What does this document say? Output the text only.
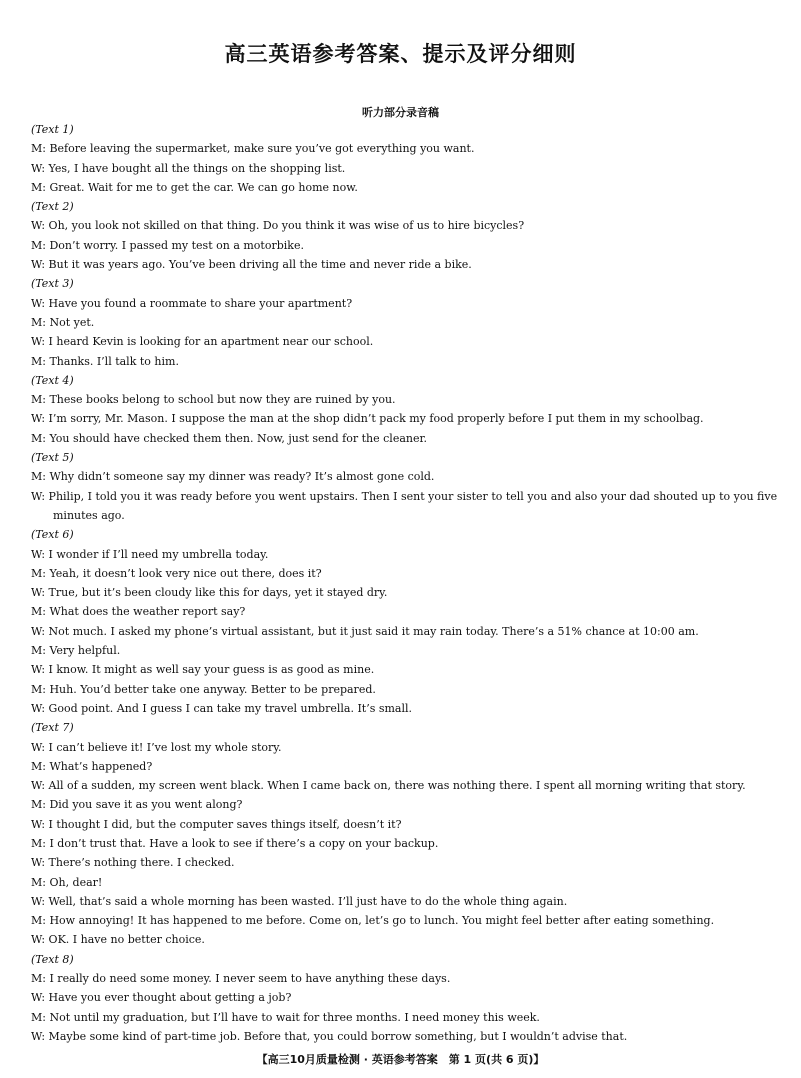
高三英语参考答案、提示及评分细则
听力部分录音稿
(Text 1)
M: Before leaving the supermarket, make sure you’ve got everything you want.
W: Yes, I have bought all the things on the shopping list.
M: Great. Wait for me to get the car. We can go home now.
(Text 2)
W: Oh, you look not skilled on that thing. Do you think it was wise of us to hire bicycles?
M: Don’t worry. I passed my test on a motorbike.
W: But it was years ago. You’ve been driving all the time and never ride a bike.
(Text 3)
W: Have you found a roommate to share your apartment?
M: Not yet.
W: I heard Kevin is looking for an apartment near our school.
M: Thanks. I’ll talk to him.
(Text 4)
M: These books belong to school but now they are ruined by you.
W: I’m sorry, Mr. Mason. I suppose the man at the shop didn’t pack my food properly before I put them in my schoolbag.
M: You should have checked them then. Now, just send for the cleaner.
(Text 5)
M: Why didn’t someone say my dinner was ready? It’s almost gone cold.
W: Philip, I told you it was ready before you went upstairs. Then I sent your sister to tell you and also your dad shouted up to you five minutes ago.
(Text 6)
W: I wonder if I’ll need my umbrella today.
M: Yeah, it doesn’t look very nice out there, does it?
W: True, but it’s been cloudy like this for days, yet it stayed dry.
M: What does the weather report say?
W: Not much. I asked my phone’s virtual assistant, but it just said it may rain today. There’s a 51% chance at 10:00 am.
M: Very helpful.
W: I know. It might as well say your guess is as good as mine.
M: Huh. You’d better take one anyway. Better to be prepared.
W: Good point. And I guess I can take my travel umbrella. It’s small.
(Text 7)
W: I can’t believe it! I’ve lost my whole story.
M: What’s happened?
W: All of a sudden, my screen went black. When I came back on, there was nothing there. I spent all morning writing that story.
M: Did you save it as you went along?
W: I thought I did, but the computer saves things itself, doesn’t it?
M: I don’t trust that. Have a look to see if there’s a copy on your backup.
W: There’s nothing there. I checked.
M: Oh, dear!
W: Well, that’s said a whole morning has been wasted. I’ll just have to do the whole thing again.
M: How annoying! It has happened to me before. Come on, let’s go to lunch. You might feel better after eating something.
W: OK. I have no better choice.
(Text 8)
M: I really do need some money. I never seem to have anything these days.
W: Have you ever thought about getting a job?
M: Not until my graduation, but I’ll have to wait for three months. I need money this week.
W: Maybe some kind of part-time job. Before that, you could borrow something, but I wouldn’t advise that.
【高三10月质量检测 · 英语参考答案　第 1 页(共 6 页)】
